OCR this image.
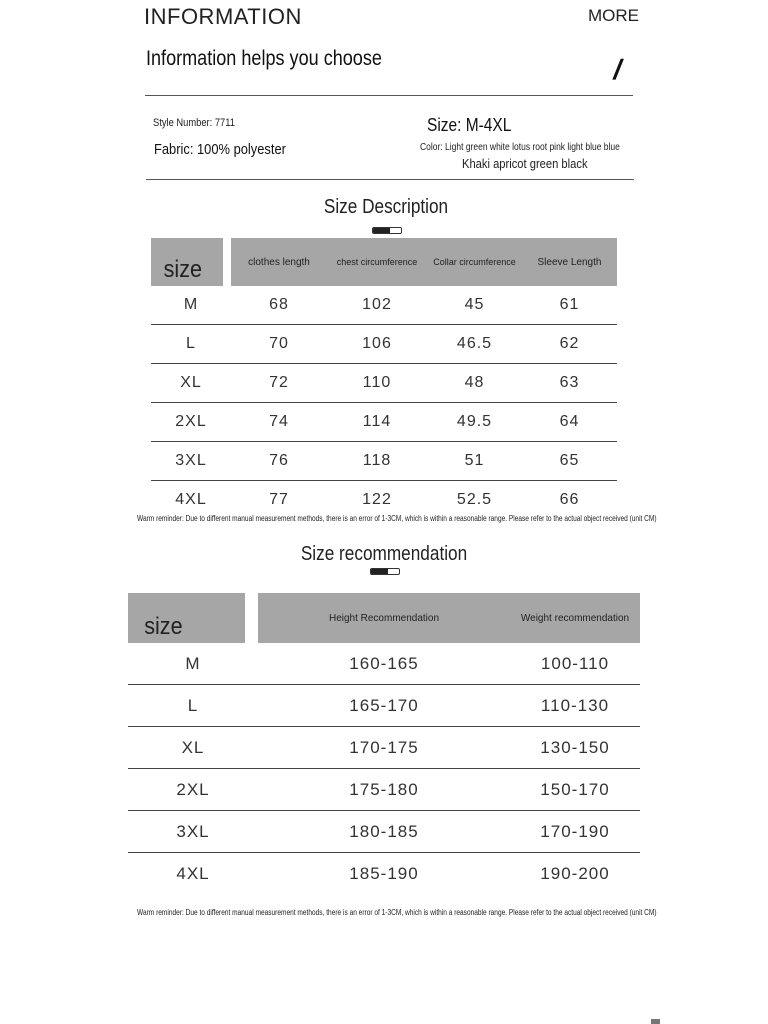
INFORMATION	MORE
Information helps you choose	/
Style Number: 7711
Fabric: 100% polyester
Size: M-4XL
Color: Light green white lotus root pink light blue blue
Khaki apricot green black
Size Description
size	clothes length	chest circumference	Collar circumference	Sleeve Length
M	68	102	45	61
L	70	106	46.5	62
XL	72	110	48	63
2XL	74	114	49.5	64
3XL	76	118	51	65
4XL	77	122	52.5	66
Warm reminder: Due to different manual measurement methods, there is an error of 1-3CM, which is within a reasonable range. Please refer to the actual object received (unit CM)
Size recommendation
size	Height Recommendation	Weight recommendation
M	160-165	100-110
L	165-170	110-130
XL	170-175	130-150
2XL	175-180	150-170
3XL	180-185	170-190
4XL	185-190	190-200
Warm reminder: Due to different manual measurement methods, there is an error of 1-3CM, which is within a reasonable range. Please refer to the actual object received (unit CM)
